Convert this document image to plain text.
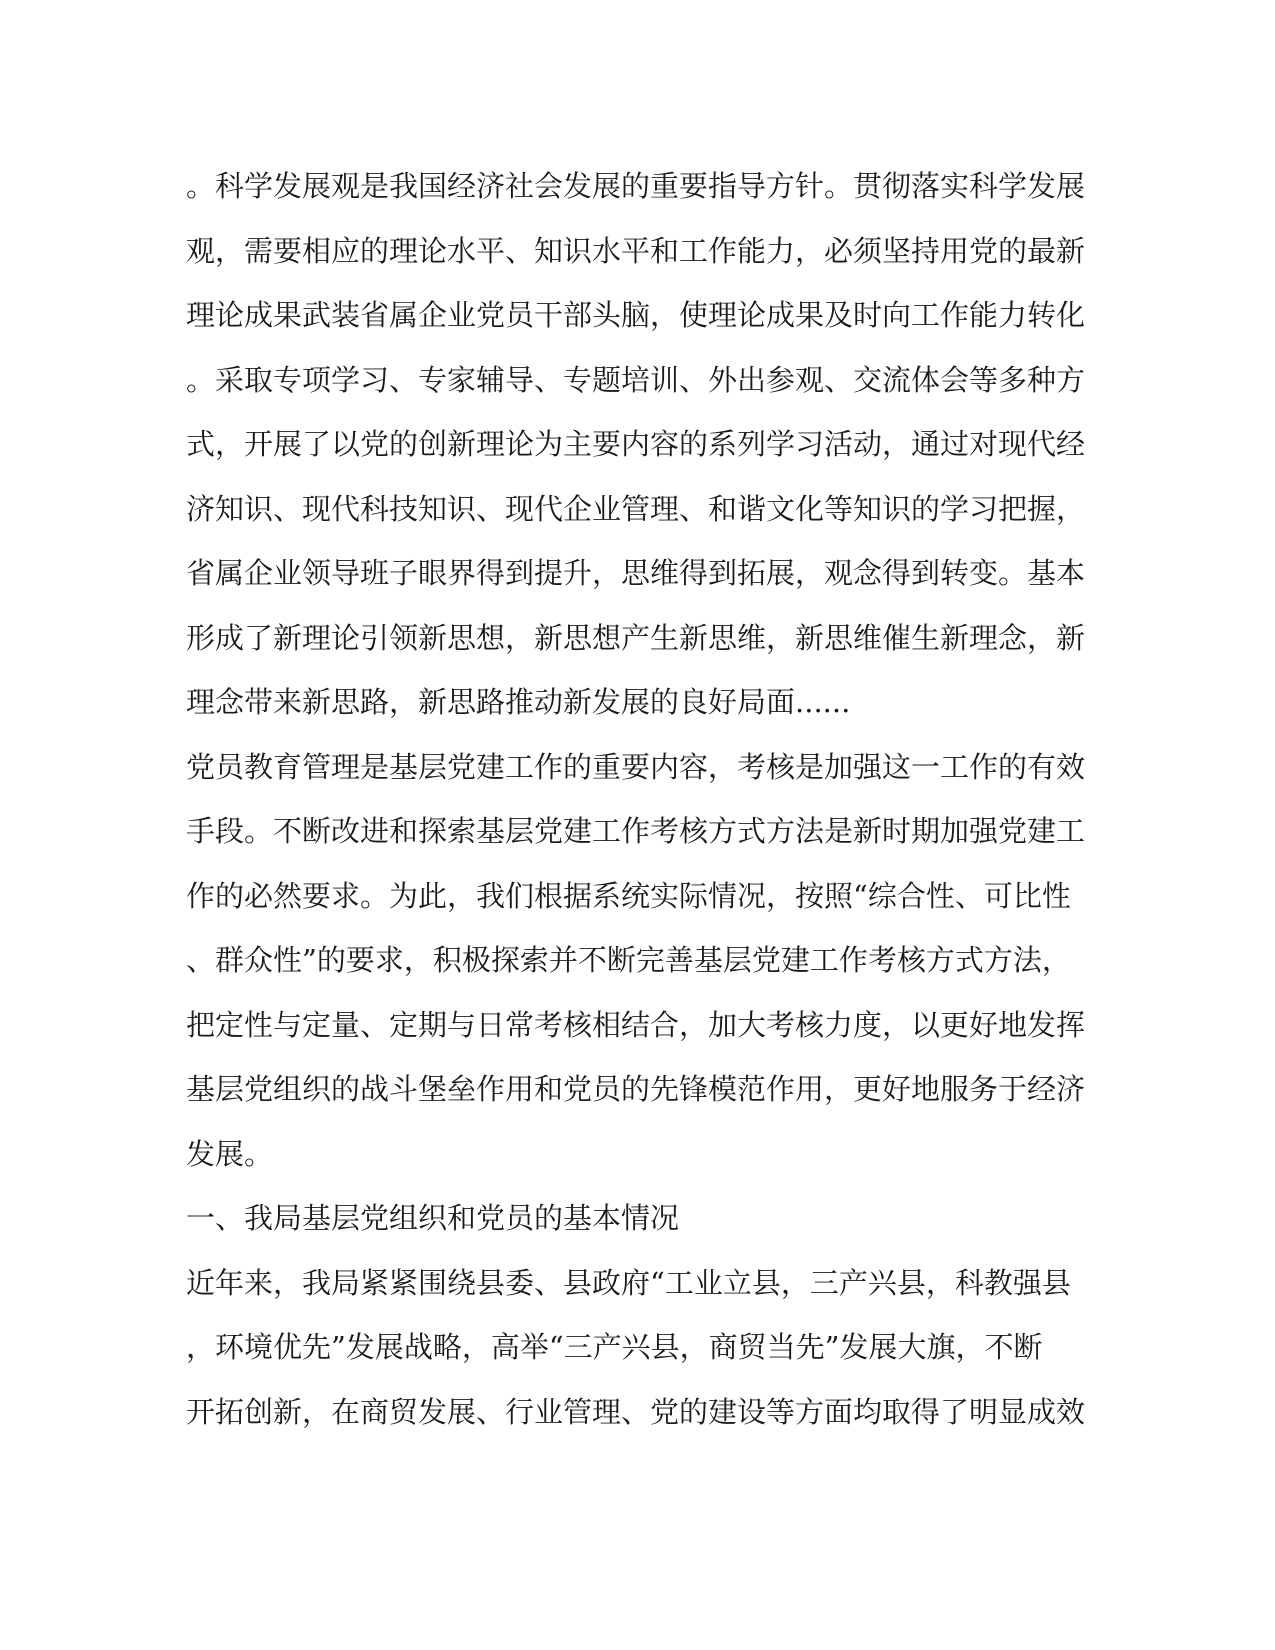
。科学发展观是我国经济社会发展的重要指导方针。贯彻落实科学发展
观，需要相应的理论水平、知识水平和工作能力，必须坚持用党的最新
理论成果武装省属企业党员干部头脑，使理论成果及时向工作能力转化
。采取专项学习、专家辅导、专题培训、外出参观、交流体会等多种方
式，开展了以党的创新理论为主要内容的系列学习活动，通过对现代经
济知识、现代科技知识、现代企业管理、和谐文化等知识的学习把握，
省属企业领导班子眼界得到提升，思维得到拓展，观念得到转变。基本
形成了新理论引领新思想，新思想产生新思维，新思维催生新理念，新
理念带来新思路，新思路推动新发展的良好局面......
党员教育管理是基层党建工作的重要内容，考核是加强这一工作的有效
手段。不断改进和探索基层党建工作考核方式方法是新时期加强党建工
作的必然要求。为此，我们根据系统实际情况，按照“综合性、可比性
、群众性”的要求，积极探索并不断完善基层党建工作考核方式方法，
把定性与定量、定期与日常考核相结合，加大考核力度，以更好地发挥
基层党组织的战斗堡垒作用和党员的先锋模范作用，更好地服务于经济
发展。
一、我局基层党组织和党员的基本情况
近年来，我局紧紧围绕县委、县政府“工业立县，三产兴县，科教强县
，环境优先”发展战略，高举“三产兴县，商贸当先”发展大旗，不断
开拓创新，在商贸发展、行业管理、党的建设等方面均取得了明显成效
